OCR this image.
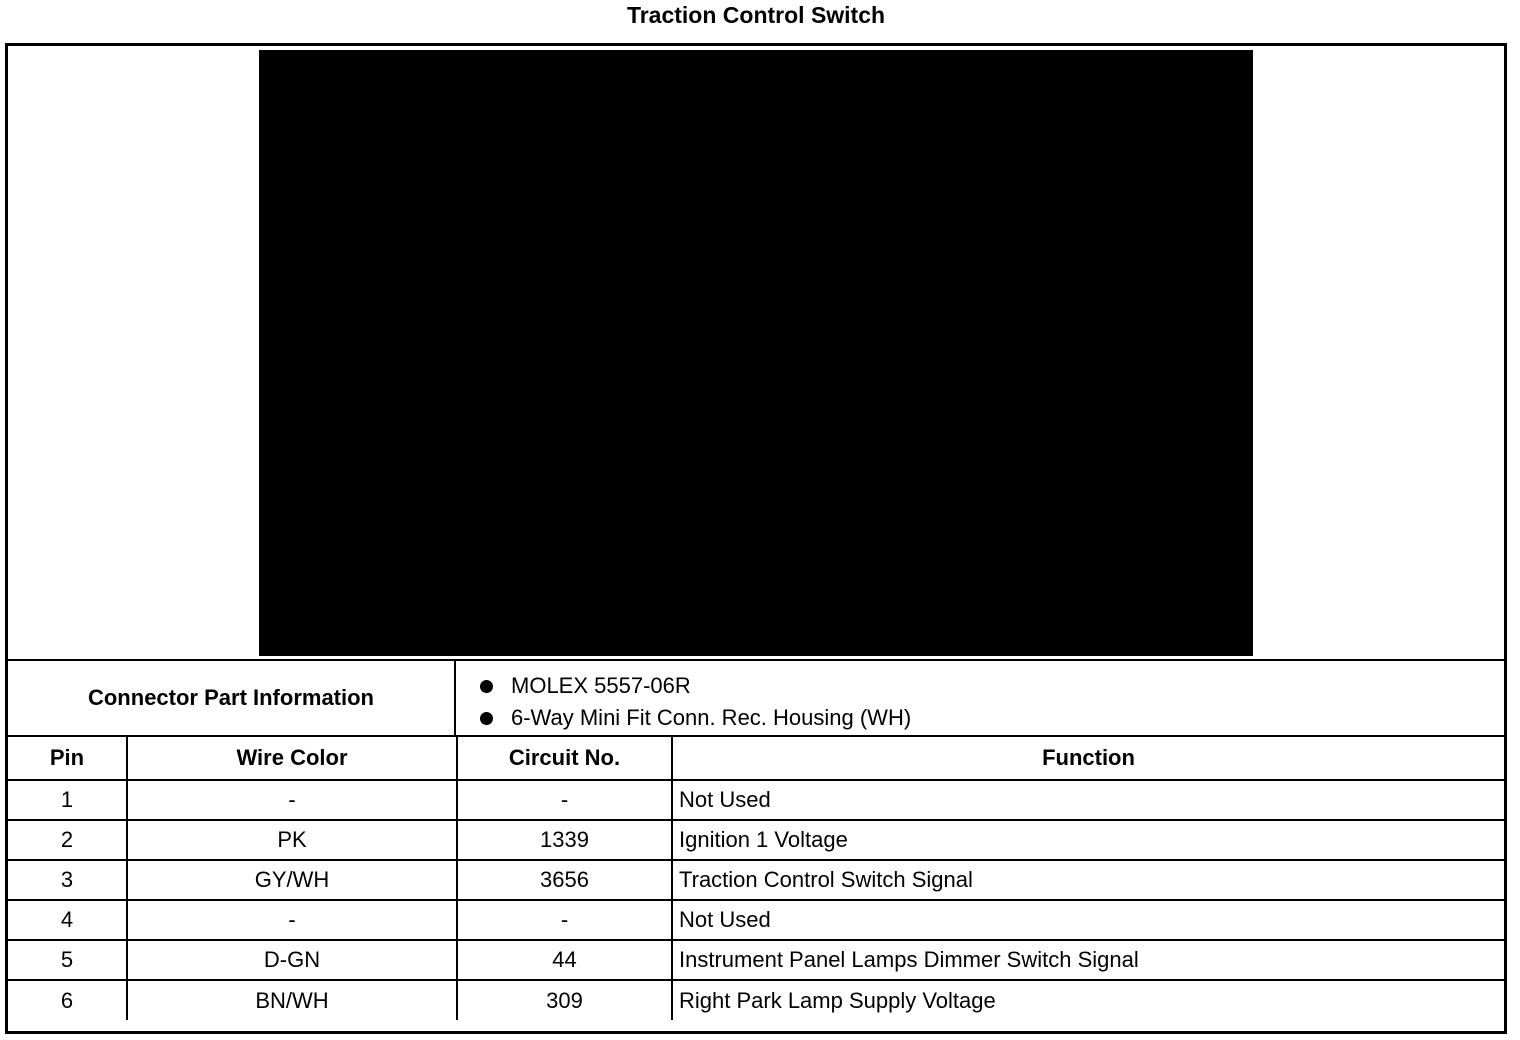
Traction Control Switch
Connector Part Information	MOLEX 5557-06R
6-Way Mini Fit Conn. Rec. Housing (WH)
Pin	Wire Color	Circuit No.	Function
1	-	-	Not Used
2	PK	1339	Ignition 1 Voltage
3	GY/WH	3656	Traction Control Switch Signal
4	-	-	Not Used
5	D-GN	44	Instrument Panel Lamps Dimmer Switch Signal
6	BN/WH	309	Right Park Lamp Supply Voltage
